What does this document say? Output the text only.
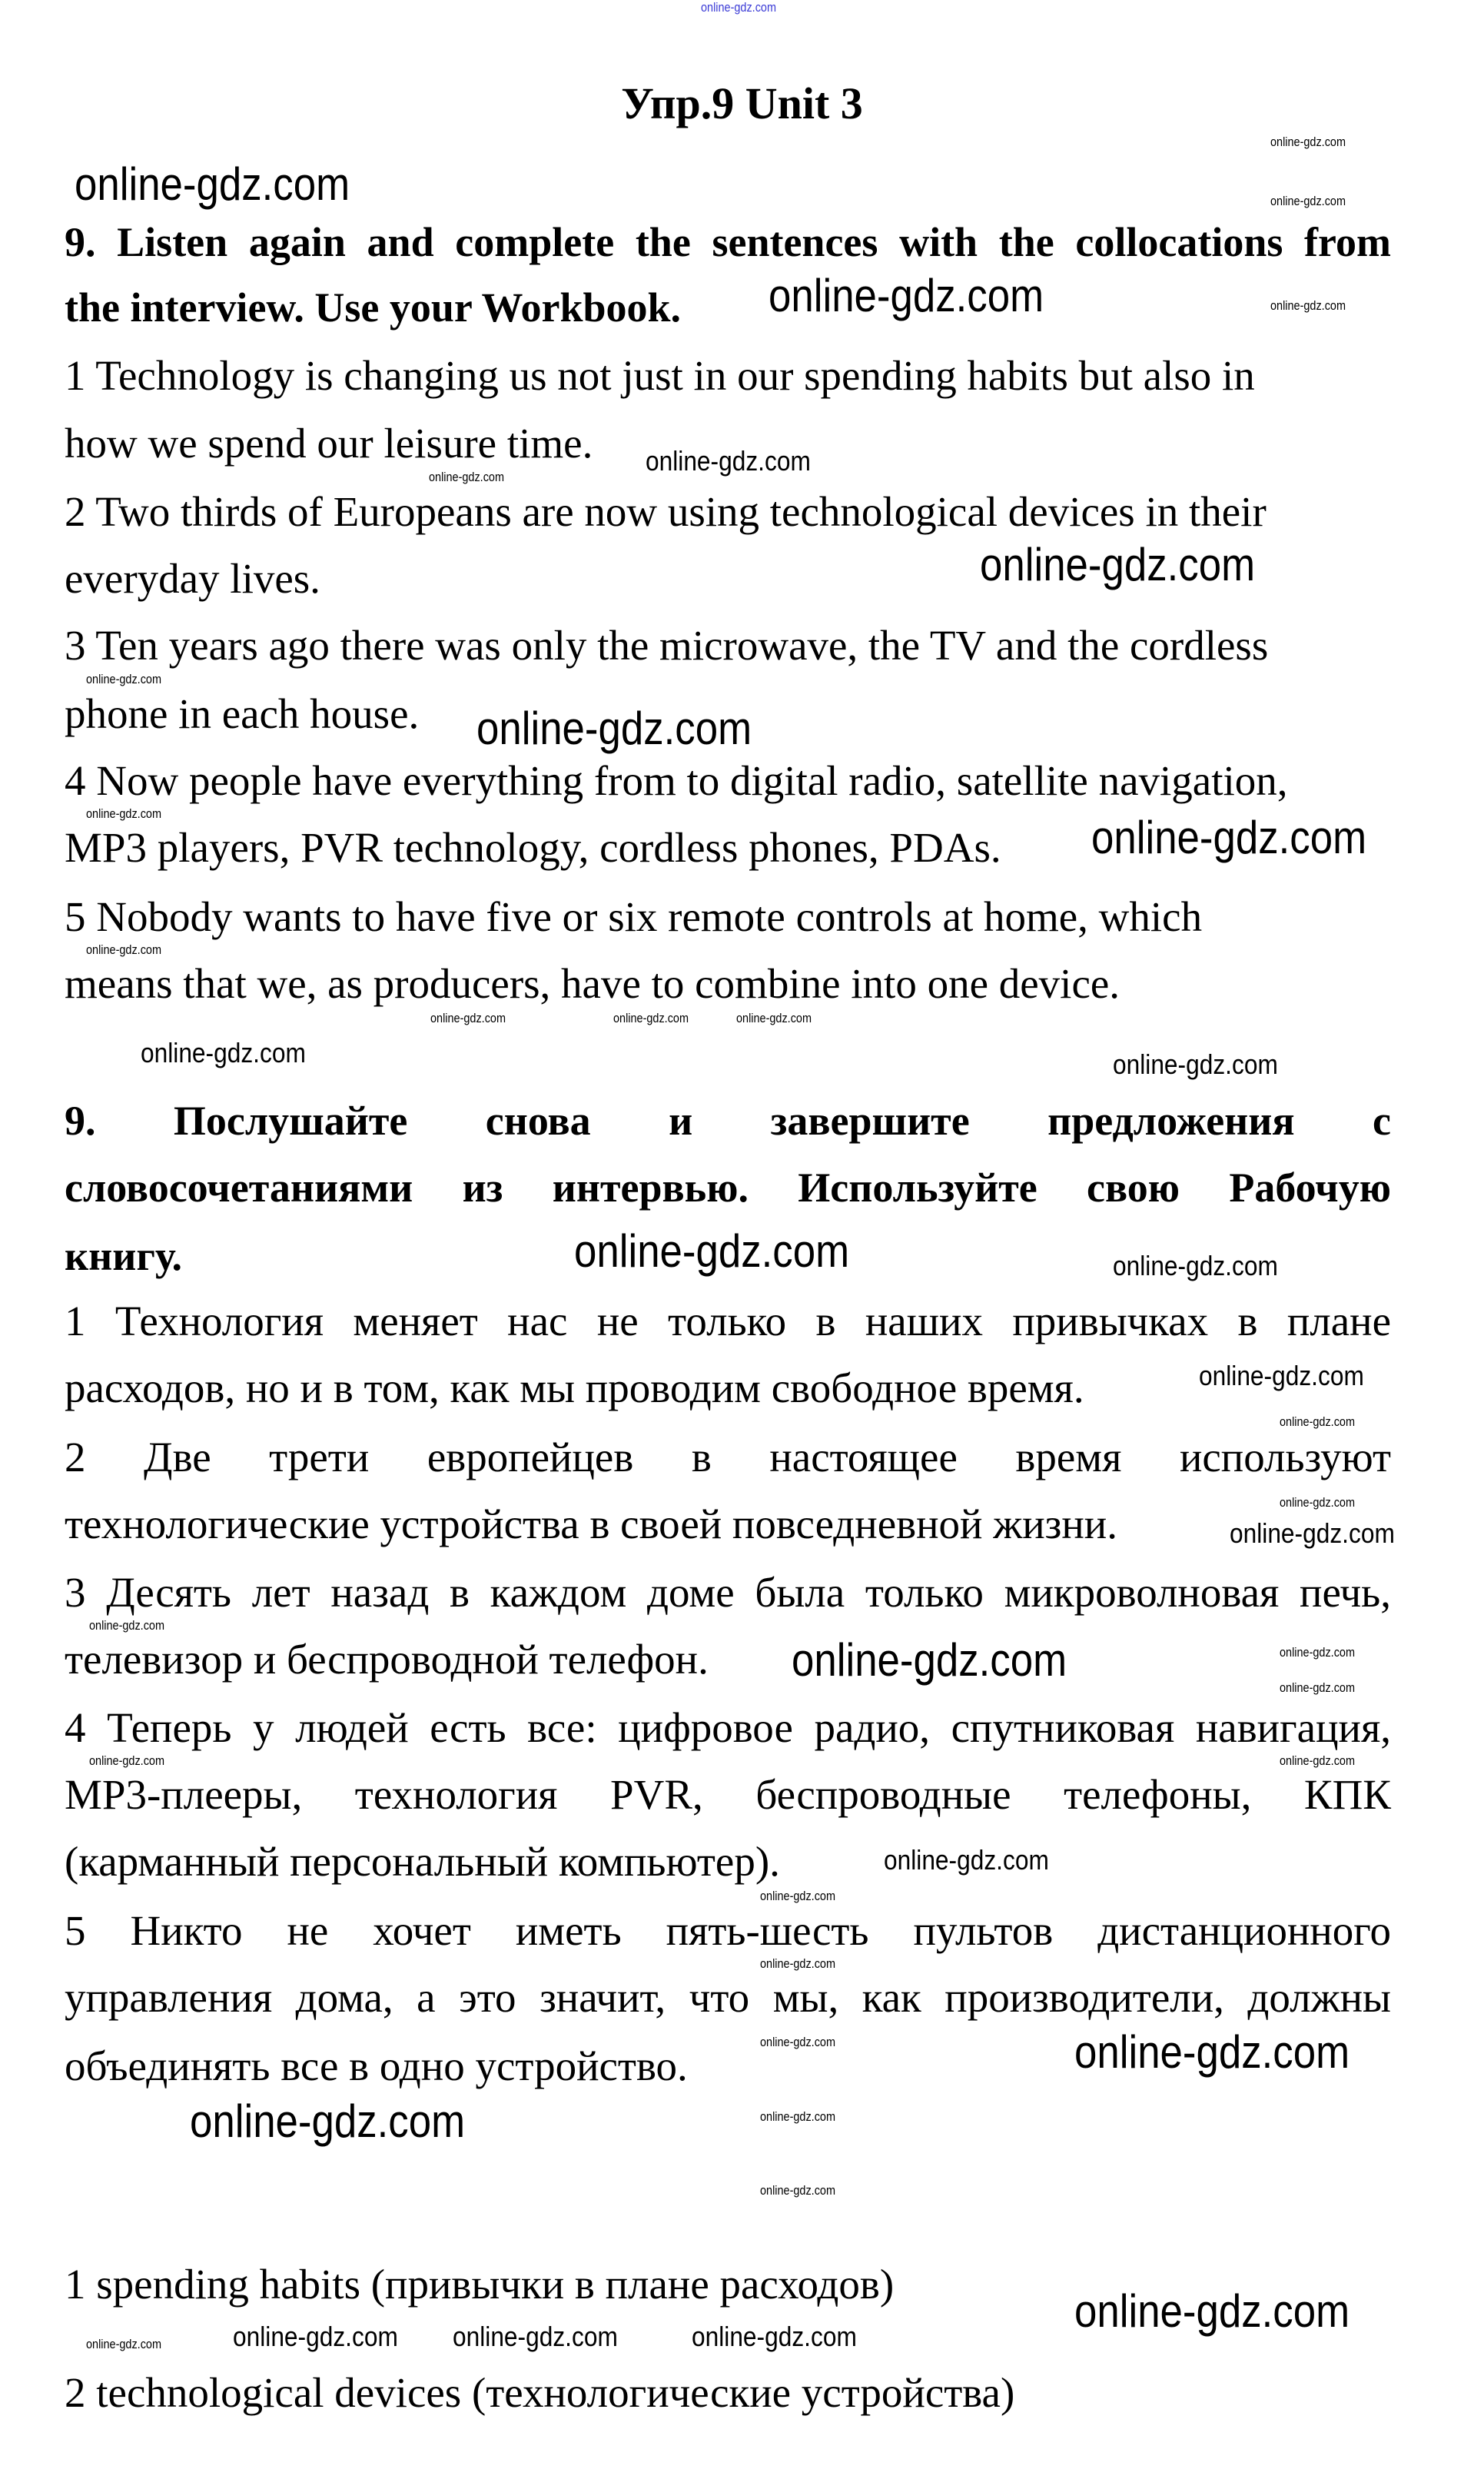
Упр.9 Unit 3
9. Listen again and complete the sentences with the collocations from
the interview. Use your Workbook.
1 Technology is changing us not just in our spending habits but also in
how we spend our leisure time.
2 Two thirds of Europeans are now using technological devices in their
everyday lives.
3 Ten years ago there was only the microwave, the TV and the cordless
phone in each house.
4 Now people have everything from to digital radio, satellite navigation,
MP3 players, PVR technology, cordless phones, PDAs.
5 Nobody wants to have five or six remote controls at home, which
means that we, as producers, have to combine into one device.
9. Послушайте снова и завершите предложения с
словосочетаниями из интервью. Используйте свою Рабочую
книгу.
1 Технология меняет нас не только в наших привычках в плане
расходов, но и в том, как мы проводим свободное время.
2 Две трети европейцев в настоящее время используют
технологические устройства в своей повседневной жизни.
3 Десять лет назад в каждом доме была только микроволновая печь,
телевизор и беспроводной телефон.
4 Теперь у людей есть все: цифровое радио, спутниковая навигация,
MP3-плееры, технология PVR, беспроводные телефоны, КПК
(карманный персональный компьютер).
5 Никто не хочет иметь пять-шесть пультов дистанционного
управления дома, а это значит, что мы, как производители, должны
объединять все в одно устройство.
1 spending habits (привычки в плане расходов)
2 technological devices (технологические устройства)
online-gdz.com
online-gdz.com
online-gdz.com
online-gdz.com
online-gdz.com
online-gdz.com
online-gdz.com
online-gdz.com
online-gdz.com
online-gdz.com
online-gdz.com
online-gdz.com
online-gdz.com
online-gdz.com
online-gdz.com
online-gdz.com
online-gdz.com
online-gdz.com online-gdz.com	online-gdz.com
online-gdz.com
online-gdz.com
online-gdz.com
online-gdz.com
online-gdz.com
online-gdz.com
online-gdz.com
online-gdz.com
online-gdz.com	online-gdz.com	online-gdz.com
online-gdz.com
online-gdz.com
online-gdz.com
online-gdz.com
online-gdz.com
online-gdz.com	online-gdz.com
online-gdz.com
online-gdz.com
online-gdz.com
online-gdz.com
online-gdz.com
online-gdz.com
